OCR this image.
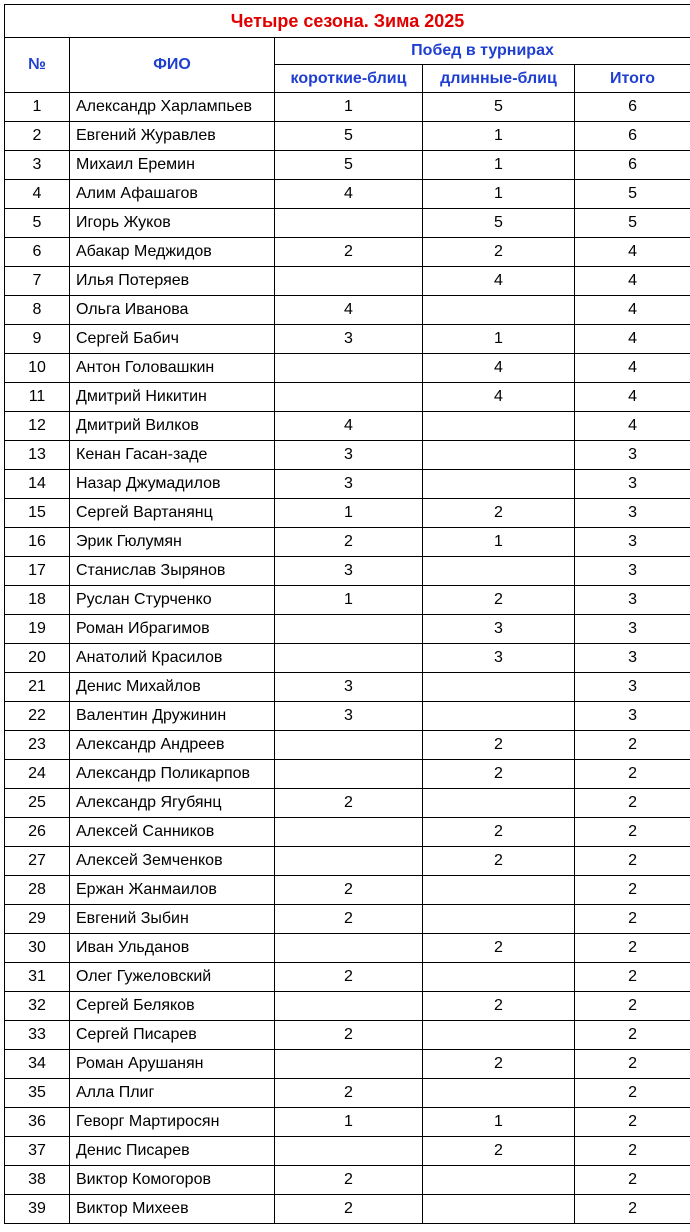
Четыре сезона. Зима 2025				
№	ФИО	Побед в турнирах		
		короткие-блиц	длинные-блиц	Итого
1	Александр Харлампьев	1	5	6
2	Евгений Журавлев	5	1	6
3	Михаил Еремин	5	1	6
4	Алим Афашагов	4	1	5
5	Игорь Жуков		5	5
6	Абакар Меджидов	2	2	4
7	Илья Потеряев		4	4
8	Ольга Иванова	4		4
9	Сергей Бабич	3	1	4
10	Антон Головашкин		4	4
11	Дмитрий Никитин		4	4
12	Дмитрий Вилков	4		4
13	Кенан Гасан-заде	3		3
14	Назар Джумадилов	3		3
15	Сергей Вартанянц	1	2	3
16	Эрик Гюлумян	2	1	3
17	Станислав Зырянов	3		3
18	Руслан Стурченко	1	2	3
19	Роман Ибрагимов		3	3
20	Анатолий Красилов		3	3
21	Денис Михайлов	3		3
22	Валентин Дружинин	3		3
23	Александр Андреев		2	2
24	Александр Поликарпов		2	2
25	Александр Ягубянц	2		2
26	Алексей Санников		2	2
27	Алексей Земченков		2	2
28	Ержан Жанмаилов	2		2
29	Евгений Зыбин	2		2
30	Иван Ульданов		2	2
31	Олег Гужеловский	2		2
32	Сергей Беляков		2	2
33	Сергей Писарев	2		2
34	Роман Арушанян		2	2
35	Алла Плиг	2		2
36	Геворг Мартиросян	1	1	2
37	Денис Писарев		2	2
38	Виктор Комогоров	2		2
39	Виктор Михеев	2		2
